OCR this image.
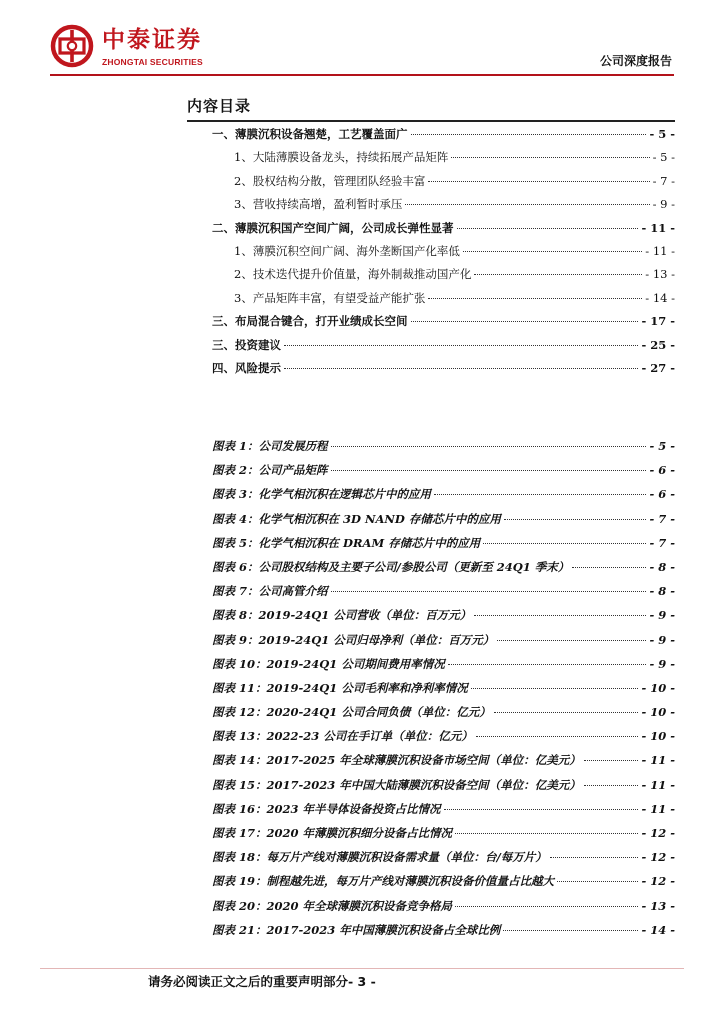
中泰证券
ZHONGTAI SECURITIES	公司深度报告
内容目录
一、薄膜沉积设备翘楚，工艺覆盖面广	- 5 -
1、大陆薄膜设备龙头，持续拓展产品矩阵	- 5 -
2、股权结构分散，管理团队经验丰富	- 7 -
3、营收持续高增，盈利暂时承压	- 9 -
二、薄膜沉积国产空间广阔，公司成长弹性显著	- 11 -
1、薄膜沉积空间广阔、海外垄断国产化率低	- 11 -
2、技术迭代提升价值量，海外制裁推动国产化	- 13 -
3、产品矩阵丰富，有望受益产能扩张	- 14 -
三、布局混合键合，打开业绩成长空间	- 17 -
三、投资建议	- 25 -
四、风险提示	- 27 -
图表 1：公司发展历程	- 5 -
图表 2：公司产品矩阵	- 6 -
图表 3：化学气相沉积在逻辑芯片中的应用	- 6 -
图表 4：化学气相沉积在 3D NAND 存储芯片中的应用	- 7 -
图表 5：化学气相沉积在 DRAM 存储芯片中的应用	- 7 -
图表 6：公司股权结构及主要子公司/参股公司（更新至 24Q1 季末）	- 8 -
图表 7：公司高管介绍	- 8 -
图表 8：2019-24Q1 公司营收（单位：百万元）	- 9 -
图表 9：2019-24Q1 公司归母净利（单位：百万元）	- 9 -
图表 10：2019-24Q1 公司期间费用率情况	- 9 -
图表 11：2019-24Q1 公司毛利率和净利率情况	- 10 -
图表 12：2020-24Q1 公司合同负债（单位：亿元）	- 10 -
图表 13：2022-23 公司在手订单（单位：亿元）	- 10 -
图表 14：2017-2025 年全球薄膜沉积设备市场空间（单位：亿美元）	- 11 -
图表 15：2017-2023 年中国大陆薄膜沉积设备空间（单位：亿美元）	- 11 -
图表 16：2023 年半导体设备投资占比情况	- 11 -
图表 17：2020 年薄膜沉积细分设备占比情况	- 12 -
图表 18：每万片产线对薄膜沉积设备需求量（单位：台/每万片）	- 12 -
图表 19：制程越先进，每万片产线对薄膜沉积设备价值量占比越大	- 12 -
图表 20：2020 年全球薄膜沉积设备竞争格局	- 13 -
图表 21：2017-2023 年中国薄膜沉积设备占全球比例	- 14 -
请务必阅读正文之后的重要声明部分- 3 -
